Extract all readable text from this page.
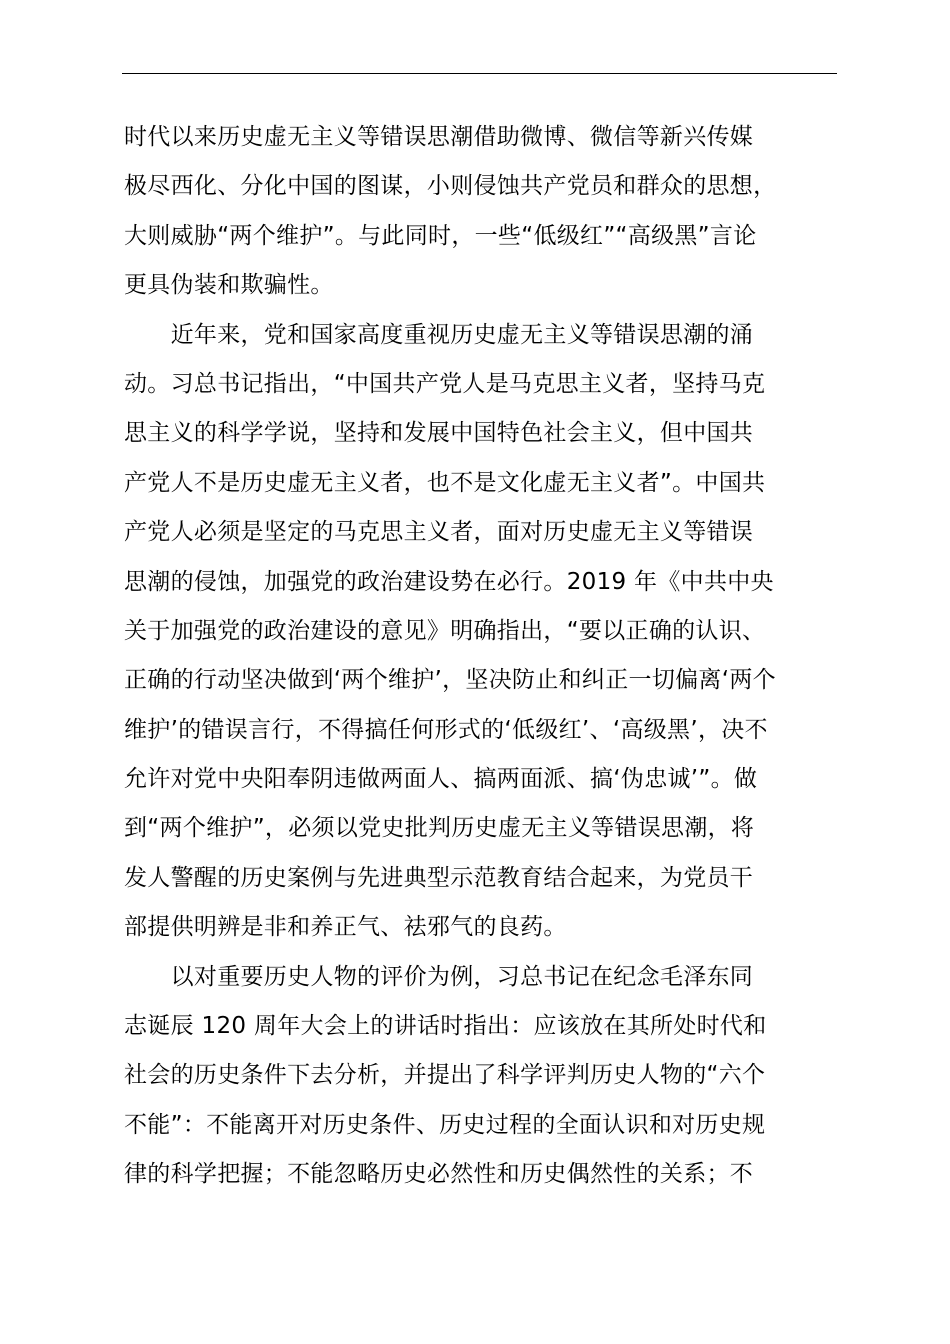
时代以来历史虚无主义等错误思潮借助微博、微信等新兴传媒
极尽西化、分化中国的图谋，小则侵蚀共产党员和群众的思想，
大则威胁“两个维护”。与此同时，一些“低级红”“高级黑”言论
更具伪装和欺骗性。
　　近年来，党和国家高度重视历史虚无主义等错误思潮的涌
动。习总书记指出，“中国共产党人是马克思主义者，坚持马克
思主义的科学学说，坚持和发展中国特色社会主义，但中国共
产党人不是历史虚无主义者，也不是文化虚无主义者”。中国共
产党人必须是坚定的马克思主义者，面对历史虚无主义等错误
思潮的侵蚀，加强党的政治建设势在必行。2019 年《中共中央
关于加强党的政治建设的意见》明确指出，“要以正确的认识、
正确的行动坚决做到‘两个维护’，坚决防止和纠正一切偏离‘两个
维护’的错误言行，不得搞任何形式的‘低级红’、‘高级黑’，决不
允许对党中央阳奉阴违做两面人、搞两面派、搞‘伪忠诚’”。做
到“两个维护”，必须以党史批判历史虚无主义等错误思潮，将
发人警醒的历史案例与先进典型示范教育结合起来，为党员干
部提供明辨是非和养正气、祛邪气的良药。
　　以对重要历史人物的评价为例，习总书记在纪念毛泽东同
志诞辰 120 周年大会上的讲话时指出：应该放在其所处时代和
社会的历史条件下去分析，并提出了科学评判历史人物的“六个
不能”：不能离开对历史条件、历史过程的全面认识和对历史规
律的科学把握；不能忽略历史必然性和历史偶然性的关系；不
